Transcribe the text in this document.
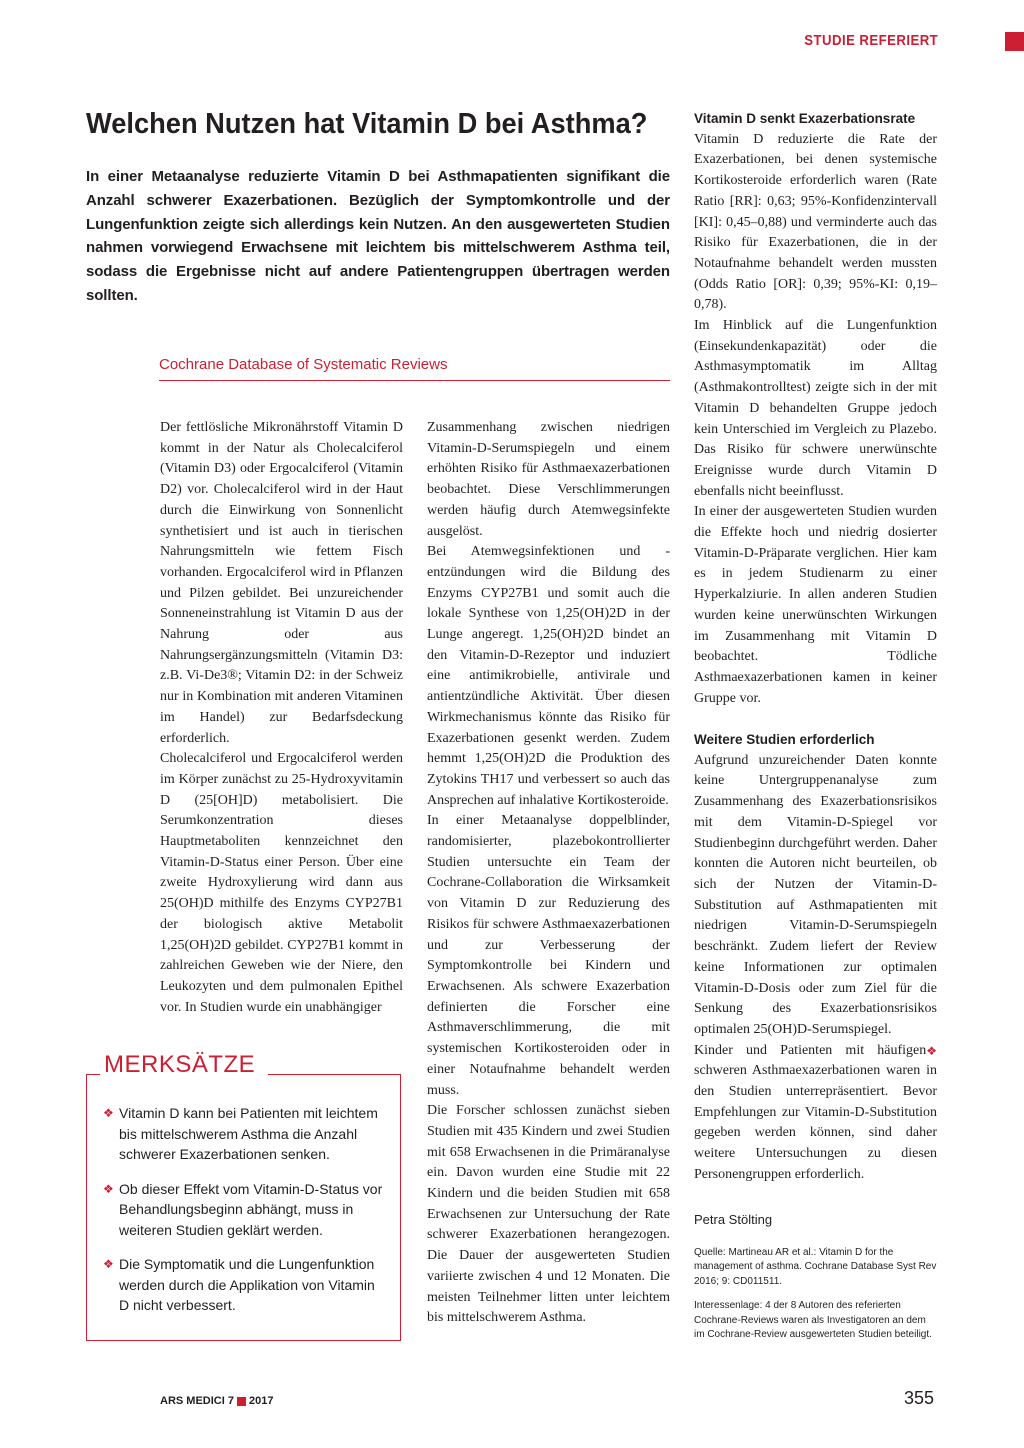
STUDIE REFERIERT
Welchen Nutzen hat Vitamin D bei Asthma?

In einer Metaanalyse reduzierte Vitamin D bei Asthmapatienten signifikant die Anzahl schwerer Exazerbationen. Bezüglich der Symptomkontrolle und der Lungenfunktion zeigte sich allerdings kein Nutzen. An den ausgewerteten Studien nahmen vorwiegend Erwachsene mit leichtem bis mittelschwerem Asthma teil, sodass die Ergebnisse nicht auf andere Patientengruppen übertragen werden sollten.

Cochrane Database of Systematic Reviews

Der fettlösliche Mikronährstoff Vitamin D kommt in der Natur als Cholecalciferol (Vitamin D3) oder Ergocalciferol (Vitamin D2) vor. Cholecalciferol wird in der Haut durch die Einwirkung von Sonnenlicht synthetisiert und ist auch in tierischen Nahrungsmitteln wie fettem Fisch vorhanden. Ergocalciferol wird in Pflanzen und Pilzen gebildet. Bei unzureichender Sonneneinstrahlung ist Vitamin D aus der Nahrung oder aus Nahrungsergänzungsmitteln (Vitamin D3: z.B. Vi-De3®; Vitamin D2: in der Schweiz nur in Kombination mit anderen Vitaminen im Handel) zur Bedarfsdeckung erforderlich.

Cholecalciferol und Ergocalciferol werden im Körper zunächst zu 25-Hydroxyvitamin D (25[OH]D) metabolisiert. Die Serumkonzentration dieses Hauptmetaboliten kennzeichnet den Vitamin-D-Status einer Person. Über eine zweite Hydroxylierung wird dann aus 25(OH)D mithilfe des Enzyms CYP27B1 der biologisch aktive Metabolit 1,25(OH)2D gebildet. CYP27B1 kommt in zahlreichen Geweben wie der Niere, den Leukozyten und dem pulmonalen Epithel vor. In Studien wurde ein unabhängiger

Zusammenhang zwischen niedrigen Vitamin-D-Serumspiegeln und einem erhöhten Risiko für Asthmaexazerbationen beobachtet. Diese Verschlimmerungen werden häufig durch Atemwegsinfekte ausgelöst.

Bei Atemwegsinfektionen und -entzündungen wird die Bildung des Enzyms CYP27B1 und somit auch die lokale Synthese von 1,25(OH)2D in der Lunge angeregt. 1,25(OH)2D bindet an den Vitamin-D-Rezeptor und induziert eine antimikrobielle, antivirale und antientzündliche Aktivität. Über diesen Wirkmechanismus könnte das Risiko für Exazerbationen gesenkt werden. Zudem hemmt 1,25(OH)2D die Produktion des Zytokins TH17 und verbessert so auch das Ansprechen auf inhalative Kortikosteroide.

In einer Metaanalyse doppelblinder, randomisierter, plazebokontrollierter Studien untersuchte ein Team der Cochrane-Collaboration die Wirksamkeit von Vitamin D zur Reduzierung des Risikos für schwere Asthmaexazerbationen und zur Verbesserung der Symptomkontrolle bei Kindern und Erwachsenen. Als schwere Exazerbation definierten die Forscher eine Asthmaverschlimmerung, die mit systemischen Kortikosteroiden oder in einer Notaufnahme behandelt werden muss.

Die Forscher schlossen zunächst sieben Studien mit 435 Kindern und zwei Studien mit 658 Erwachsenen in die Primäranalyse ein. Davon wurden eine Studie mit 22 Kindern und die beiden Studien mit 658 Erwachsenen zur Untersuchung der Rate schwerer Exazerbationen herangezogen. Die Dauer der ausgewerteten Studien variierte zwischen 4 und 12 Monaten. Die meisten Teilnehmer litten unter leichtem bis mittelschwerem Asthma.

Vitamin D senkt Exazerbationsrate

Vitamin D reduzierte die Rate der Exazerbationen, bei denen systemische Kortikosteroide erforderlich waren (Rate Ratio [RR]: 0,63; 95%-Konfidenzintervall [KI]: 0,45–0,88) und verminderte auch das Risiko für Exazerbationen, die in der Notaufnahme behandelt werden mussten (Odds Ratio [OR]: 0,39; 95%-KI: 0,19–0,78).

Im Hinblick auf die Lungenfunktion (Einsekundenkapazität) oder die Asthmasymptomatik im Alltag (Asthmakontrolltest) zeigte sich in der mit Vitamin D behandelten Gruppe jedoch kein Unterschied im Vergleich zu Plazebo. Das Risiko für schwere unerwünschte Ereignisse wurde durch Vitamin D ebenfalls nicht beeinflusst.

In einer der ausgewerteten Studien wurden die Effekte hoch und niedrig dosierter Vitamin-D-Präparate verglichen. Hier kam es in jedem Studienarm zu einer Hyperkalziurie. In allen anderen Studien wurden keine unerwünschten Wirkungen im Zusammenhang mit Vitamin D beobachtet. Tödliche Asthmaexazerbationen kamen in keiner Gruppe vor.

Weitere Studien erforderlich

Aufgrund unzureichender Daten konnte keine Untergruppenanalyse zum Zusammenhang des Exazerbationsrisikos mit dem Vitamin-D-Spiegel vor Studienbeginn durchgeführt werden. Daher konnten die Autoren nicht beurteilen, ob sich der Nutzen der Vitamin-D-Substitution auf Asthmapatienten mit niedrigen Vitamin-D-Serumspiegeln beschränkt. Zudem liefert der Review keine Informationen zur optimalen Vitamin-D-Dosis oder zum Ziel für die Senkung des Exazerbationsrisikos optimalen 25(OH)D-Serumspiegel.

❖
Kinder und Patienten mit häufigen schweren Asthmaexazerbationen waren in den Studien unterrepräsentiert. Bevor Empfehlungen zur Vitamin-D-Substitution gegeben werden können, sind daher weitere Untersuchungen zu diesen Personengruppen erforderlich.

Petra Stölting

Quelle: Martineau AR et al.: Vitamin D for the management of asthma. Cochrane Database Syst Rev 2016; 9: CD011511.

Interessenlage: 4 der 8 Autoren des referierten Cochrane-Reviews waren als Investigatoren an dem im Cochrane-Review ausgewerteten Studien beteiligt.

MERKSÄTZE

❖ Vitamin D kann bei Patienten mit leichtem bis mittelschwerem Asthma die Anzahl schwerer Exazerbationen senken.

❖ Ob dieser Effekt vom Vitamin-D-Status vor Behandlungsbeginn abhängt, muss in weiteren Studien geklärt werden.

❖ Die Symptomatik und die Lungenfunktion werden durch die Applikation von Vitamin D nicht verbessert.

ARS MEDICI 7 2017	355
